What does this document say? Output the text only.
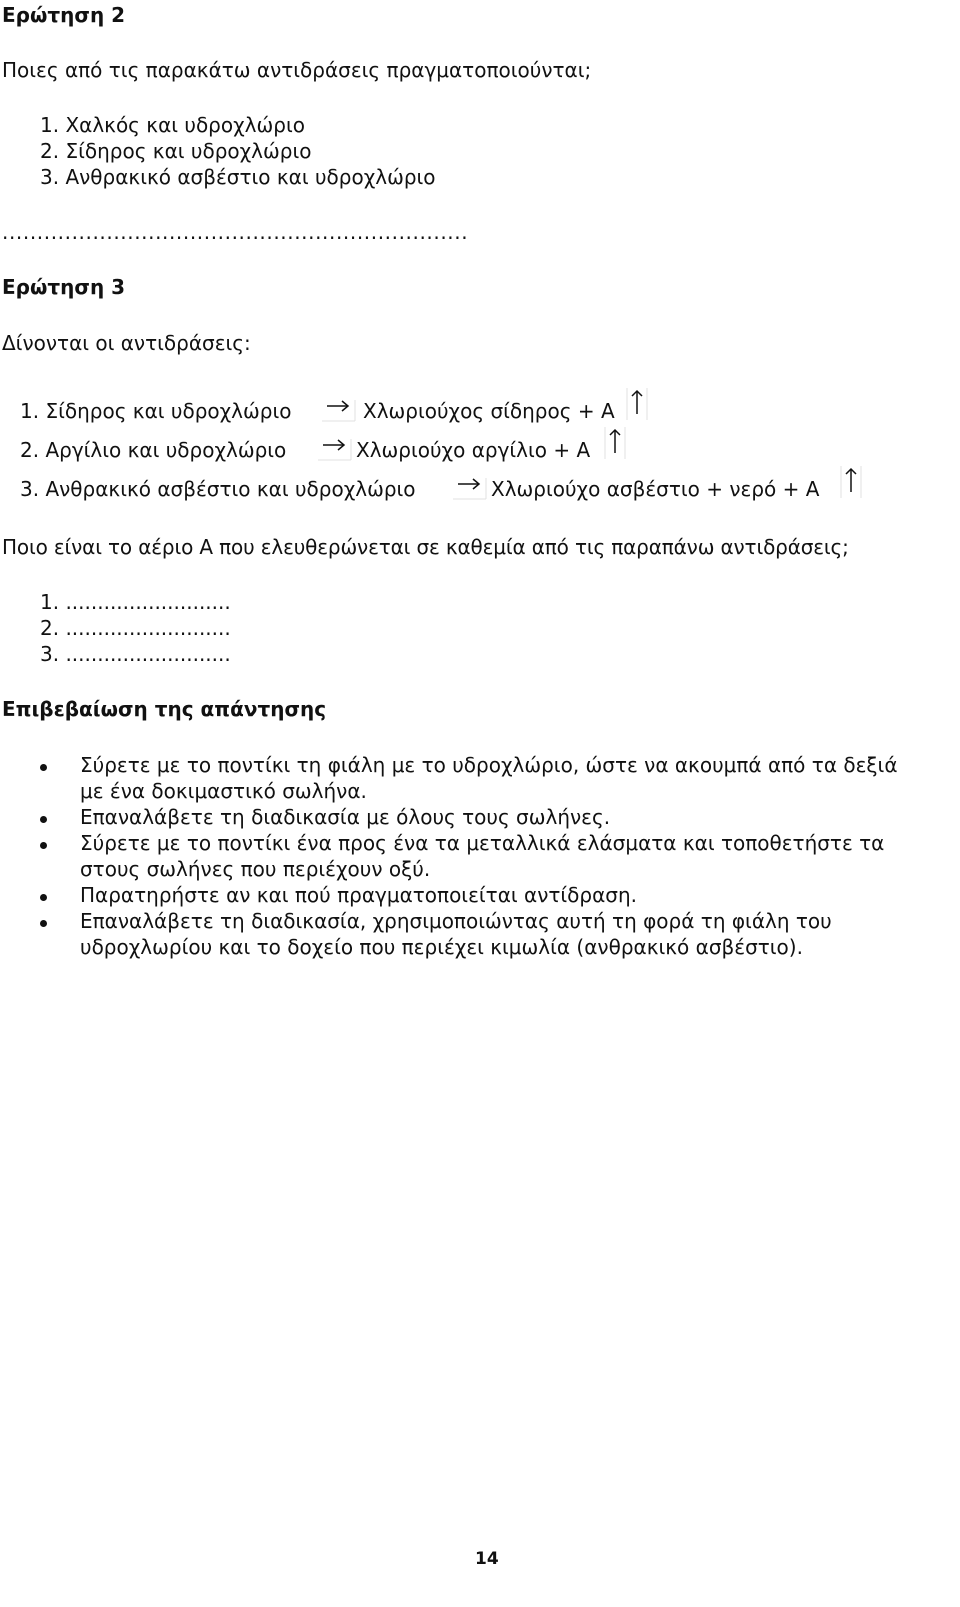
Ερώτηση 2
Ποιες από τις παρακάτω αντιδράσεις πραγματοποιούνται;
1. Χαλκός και υδροχλώριο
2. Σίδηρος και υδροχλώριο
3. Ανθρακικό ασβέστιο και υδροχλώριο
...................................................................
Ερώτηση 3
Δίνονται οι αντιδράσεις:
1. Σίδηρος και υδροχλώριο	Χλωριούχος σίδηρος + Α
2. Αργίλιο και υδροχλώριο	Χλωριούχο αργίλιο + Α
3. Ανθρακικό ασβέστιο και υδροχλώριο	Χλωριούχο ασβέστιο + νερό + Α
Ποιο είναι το αέριο Α που ελευθερώνεται σε καθεμία από τις παραπάνω αντιδράσεις;
1. ..........................
2. ..........................
3. ..........................
Επιβεβαίωση της απάντησης
Σύρετε με το ποντίκι τη φιάλη με το υδροχλώριο, ώστε να ακουμπά από τα δεξιά
με ένα δοκιμαστικό σωλήνα.
Επαναλάβετε τη διαδικασία με όλους τους σωλήνες.
Σύρετε με το ποντίκι ένα προς ένα τα μεταλλικά ελάσματα και τοποθετήστε τα
στους σωλήνες που περιέχουν οξύ.
Παρατηρήστε αν και πού πραγματοποιείται αντίδραση.
Επαναλάβετε τη διαδικασία, χρησιμοποιώντας αυτή τη φορά τη φιάλη του
υδροχλωρίου και το δοχείο που περιέχει κιμωλία (ανθρακικό ασβέστιο).
14
